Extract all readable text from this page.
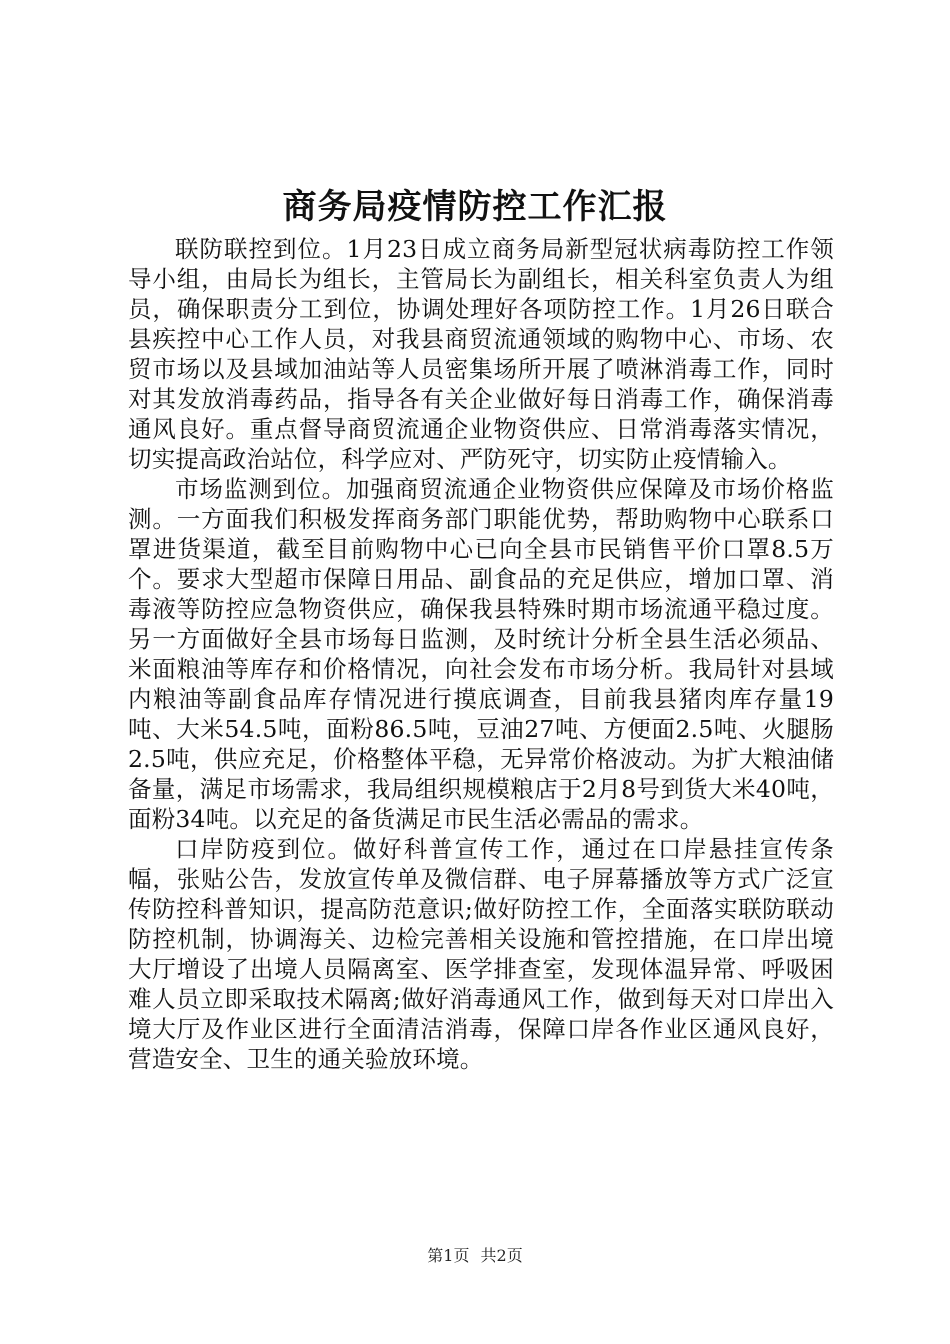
商务局疫情防控工作汇报

联防联控到位。1月23日成立商务局新型冠状病毒防控工作领导小组，由局长为组长，主管局长为副组长，相关科室负责人为组员，确保职责分工到位，协调处理好各项防控工作。1月26日联合县疾控中心工作人员，对我县商贸流通领域的购物中心、市场、农贸市场以及县域加油站等人员密集场所开展了喷淋消毒工作，同时对其发放消毒药品，指导各有关企业做好每日消毒工作，确保消毒通风良好。重点督导商贸流通企业物资供应、日常消毒落实情况，切实提高政治站位，科学应对、严防死守，切实防止疫情输入。

市场监测到位。加强商贸流通企业物资供应保障及市场价格监测。一方面我们积极发挥商务部门职能优势，帮助购物中心联系口罩进货渠道，截至目前购物中心已向全县市民销售平价口罩8.5万个。要求大型超市保障日用品、副食品的充足供应，增加口罩、消毒液等防控应急物资供应，确保我县特殊时期市场流通平稳过度。另一方面做好全县市场每日监测，及时统计分析全县生活必须品、米面粮油等库存和价格情况，向社会发布市场分析。我局针对县域内粮油等副食品库存情况进行摸底调查，目前我县猪肉库存量19吨、大米54.5吨，面粉86.5吨，豆油27吨、方便面2.5吨、火腿肠2.5吨，供应充足，价格整体平稳，无异常价格波动。为扩大粮油储备量，满足市场需求，我局组织规模粮店于2月8号到货大米40吨，面粉34吨。以充足的备货满足市民生活必需品的需求。

口岸防疫到位。做好科普宣传工作，通过在口岸悬挂宣传条幅，张贴公告，发放宣传单及微信群、电子屏幕播放等方式广泛宣传防控科普知识，提高防范意识;做好防控工作，全面落实联防联动防控机制，协调海关、边检完善相关设施和管控措施，在口岸出境大厅增设了出境人员隔离室、医学排查室，发现体温异常、呼吸困难人员立即采取技术隔离;做好消毒通风工作，做到每天对口岸出入境大厅及作业区进行全面清洁消毒，保障口岸各作业区通风良好，营造安全、卫生的通关验放环境。

第1页 共2页
